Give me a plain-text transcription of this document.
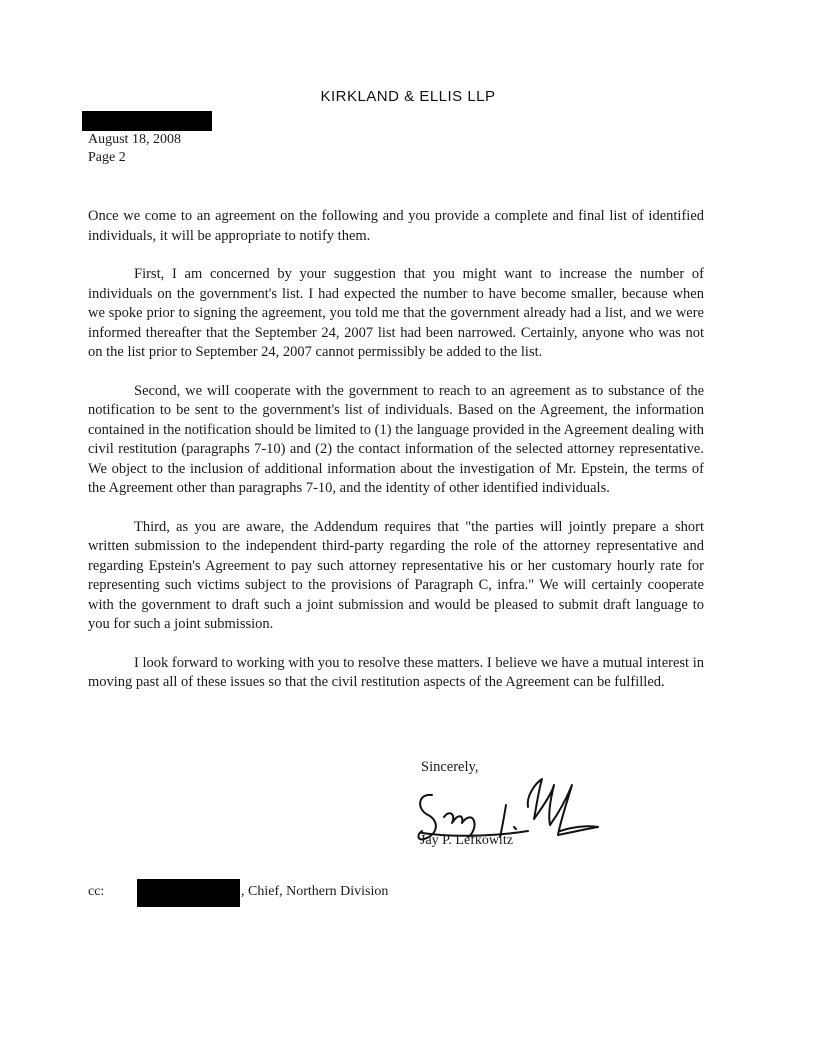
KIRKLAND & ELLIS LLP
August 18, 2008
Page 2

Once we come to an agreement on the following and you provide a complete and final list of identified individuals, it will be appropriate to notify them.

First, I am concerned by your suggestion that you might want to increase the number of individuals on the government's list. I had expected the number to have become smaller, because when we spoke prior to signing the agreement, you told me that the government already had a list, and we were informed thereafter that the September 24, 2007 list had been narrowed. Certainly, anyone who was not on the list prior to September 24, 2007 cannot permissibly be added to the list.

Second, we will cooperate with the government to reach to an agreement as to substance of the notification to be sent to the government's list of individuals. Based on the Agreement, the information contained in the notification should be limited to (1) the language provided in the Agreement dealing with civil restitution (paragraphs 7-10) and (2) the contact information of the selected attorney representative. We object to the inclusion of additional information about the investigation of Mr. Epstein, the terms of the Agreement other than paragraphs 7-10, and the identity of other identified individuals.

Third, as you are aware, the Addendum requires that "the parties will jointly prepare a short written submission to the independent third-party regarding the role of the attorney representative and regarding Epstein's Agreement to pay such attorney representative his or her customary hourly rate for representing such victims subject to the provisions of Paragraph C, infra." We will certainly cooperate with the government to draft such a joint submission and would be pleased to submit draft language to you for such a joint submission.

I look forward to working with you to resolve these matters. I believe we have a mutual interest in moving past all of these issues so that the civil restitution aspects of the Agreement can be fulfilled.

Sincerely,
Jay P. Lefkowitz
cc:	, Chief, Northern Division
